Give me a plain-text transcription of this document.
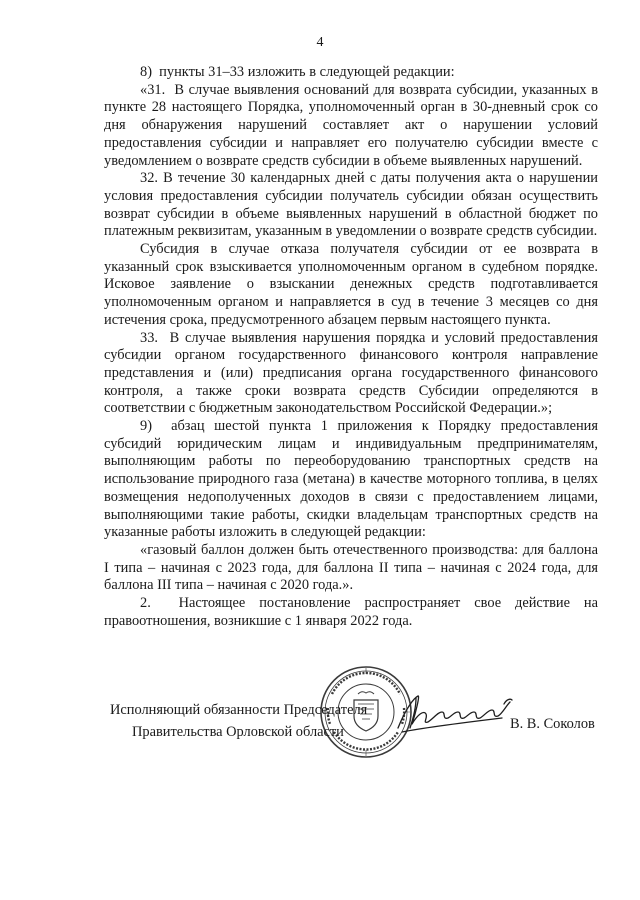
4

8)  пункты 31–33 изложить в следующей редакции:

«31.  В случае выявления оснований для возврата субсидии, указанных в пункте 28 настоящего Порядка, уполномоченный орган в 30-дневный срок со дня обнаружения нарушений составляет акт о нарушении условий предоставления субсидии и направляет его получателю субсидии вместе с уведомлением о возврате средств субсидии в объеме выявленных нарушений.

32. В течение 30 календарных дней с даты получения акта о нарушении условия предоставления субсидии получатель субсидии обязан осуществить возврат субсидии в объеме выявленных нарушений в областной бюджет по платежным реквизитам, указанным в уведомлении о возврате средств субсидии.

Субсидия в случае отказа получателя субсидии от ее возврата в указанный срок взыскивается уполномоченным органом в судебном порядке. Исковое заявление о взыскании денежных средств подготавливается уполномоченным органом и направляется в суд в течение 3 месяцев со дня истечения срока, предусмотренного абзацем первым настоящего пункта.

33.  В случае выявления нарушения порядка и условий предоставления субсидии органом государственного финансового контроля направление представления и (или) предписания органа государственного финансового контроля, а также сроки возврата средств Субсидии определяются в соответствии с бюджетным законодательством Российской Федерации.»;

9)  абзац шестой пункта 1 приложения к Порядку предоставления субсидий юридическим лицам и индивидуальным предпринимателям, выполняющим работы по переоборудованию транспортных средств на использование природного газа (метана) в качестве моторного топлива, в целях возмещения недополученных доходов в связи с предоставлением лицами, выполняющими такие работы, скидки владельцам транспортных средств на указанные работы изложить в следующей редакции:

«газовый баллон должен быть отечественного производства: для баллона I типа – начиная с 2023 года, для баллона II типа – начиная с 2024 года, для баллона III типа – начиная с 2020 года.».

2.  Настоящее постановление распространяет свое действие на правоотношения, возникшие с 1 января 2022 года.

Исполняющий обязанности Председателя
Правительства Орловской области	В. В. Соколов
